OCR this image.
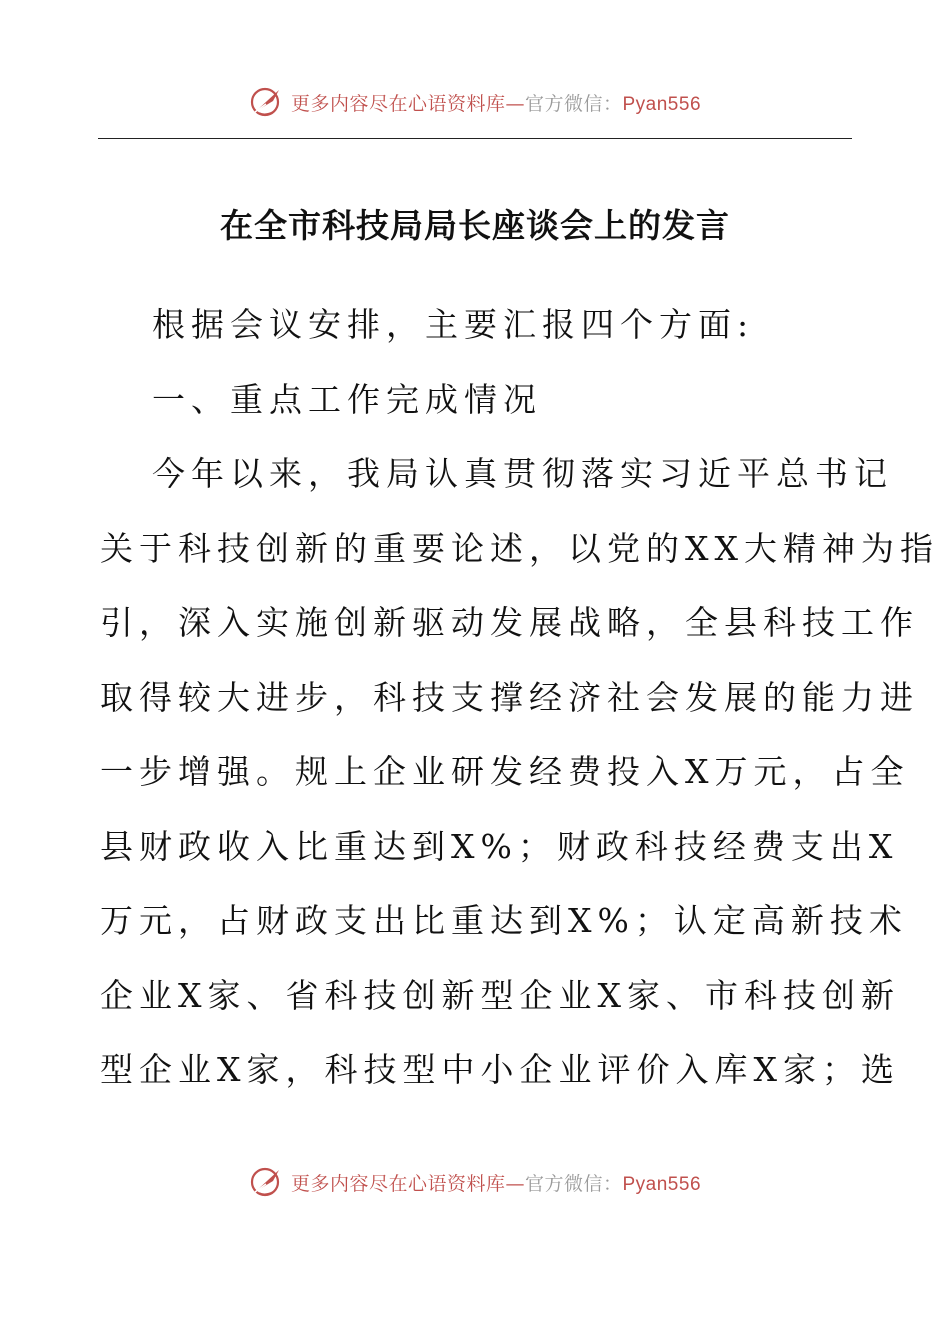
更多内容尽在心语资料库—官方微信：Pyan556
在全市科技局局长座谈会上的发言
根据会议安排，主要汇报四个方面:
一、重点工作完成情况
今年以来，我局认真贯彻落实习近平总书记
关于科技创新的重要论述，以党的XX大精神为指
引，深入实施创新驱动发展战略，全县科技工作
取得较大进步，科技支撑经济社会发展的能力进
一步增强。规上企业研发经费投入X万元，占全
县财政收入比重达到X%；财政科技经费支出X
万元，占财政支出比重达到X%；认定高新技术
企业X家、省科技创新型企业X家、市科技创新
型企业X家，科技型中小企业评价入库X家；选
更多内容尽在心语资料库—官方微信：Pyan556
